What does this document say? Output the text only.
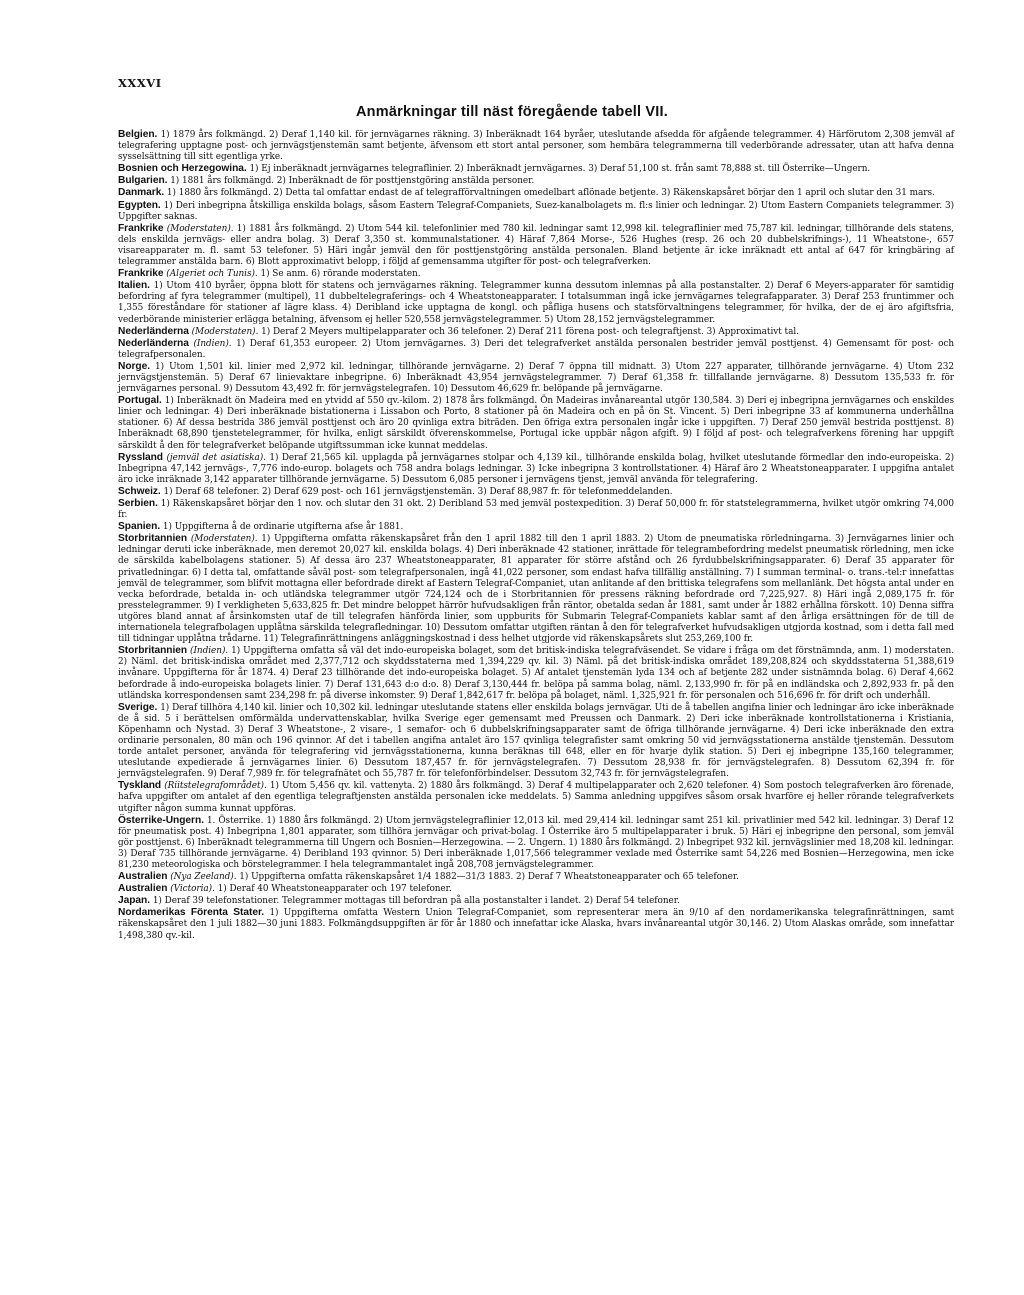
XXXVI
Anmärkningar till näst föregående tabell VII.

Belgien. 1) 1879 års folkmängd. 2) Deraf 1,140 kil. för jernvägarnes räkning. 3) Inberäknadt 164 byråer, uteslutande afsedda för afgående telegrammer. 4) Härförutom 2,308 jemväl af telegrafering upptagne post- och jernvägstjenstemän samt betjente, äfvensom ett stort antal personer, som hembära telegrammerna till vederbörande adressater, utan att hafva denna sysselsättning till sitt egentliga yrke.

Bosnien och Herzegowina. 1) Ej inberäknadt jernvägarnes telegraflinier. 2) Inberäknadt jernvägarnes. 3) Deraf 51,100 st. från samt 78,888 st. till Österrike—Ungern.

Bulgarien. 1) 1881 års folkmängd. 2) Inberäknadt de för posttjenstgöring anstälda personer.

Danmark. 1) 1880 års folkmängd. 2) Detta tal omfattar endast de af telegrafförvaltningen omedelbart aflönade betjente. 3) Räkenskapsåret börjar den 1 april och slutar den 31 mars.

Egypten. 1) Deri inbegripna åtskilliga enskilda bolags, såsom Eastern Telegraf-Companiets, Suez-kanalbolagets m. fl:s linier och ledningar. 2) Utom Eastern Companiets telegrammer. 3) Uppgifter saknas.

Frankrike (Moderstaten). 1) 1881 års folkmängd. 2) Utom 544 kil. telefonlinier med 780 kil. ledningar samt 12,998 kil. telegraflinier med 75,787 kil. ledningar, tillhörande dels statens, dels enskilda jernvägs- eller andra bolag. 3) Deraf 3,350 st. kommunalstationer. 4) Häraf 7,864 Morse-, 526 Hughes (resp. 26 och 20 dubbelskrifnings-), 11 Wheatstone-, 657 visareapparater m. fl. samt 53 telefoner. 5) Häri ingår jemväl den för posttjenstgöring anstälda personalen. Bland betjente är icke inräknadt ett antal af 647 för kringbäring af telegrammer anstälda barn. 6) Blott approximativt belopp, i följd af gemensamma utgifter för post- och telegrafverken.

Frankrike (Algeriet och Tunis). 1) Se anm. 6) rörande moderstaten.

Italien. 1) Utom 410 byråer, öppna blott för statens och jernvägarnes räkning. Telegrammer kunna dessutom inlemnas på alla postanstalter. 2) Deraf 6 Meyers-apparater för samtidig befordring af fyra telegrammer (multipel), 11 dubbeltelegraferings- och 4 Wheatstoneapparater. I totalsumman ingå icke jernvägarnes telegrafapparater. 3) Deraf 253 fruntimmer och 1,355 föreståndare för stationer af lägre klass. 4) Deribland icke upptagna de kongl. och påfliga husens och statsförvaltningens telegrammer, för hvilka, der de ej äro afgiftsfria, vederbörande ministerier erlägga betalning, äfvensom ej heller 520,558 jernvägstelegrammer. 5) Utom 28,152 jernvägstelegrammer.

Nederländerna (Moderstaten). 1) Deraf 2 Meyers multipelapparater och 36 telefoner. 2) Deraf 211 förena post- och telegraftjenst. 3) Approximativt tal.

Nederländerna (Indien). 1) Deraf 61,353 europeer. 2) Utom jernvägarnes. 3) Deri det telegrafverket anstälda personalen bestrider jemväl posttjenst. 4) Gemensamt för post- och telegrafpersonalen.

Norge. 1) Utom 1,501 kil. linier med 2,972 kil. ledningar, tillhörande jernvägarne. 2) Deraf 7 öppna till midnatt. 3) Utom 227 apparater, tillhörande jernvägarne. 4) Utom 232 jernvägstjenstemän. 5) Deraf 67 linievaktare inbegripne. 6) Inberäknadt 43,954 jernvägstelegrammer. 7) Deraf 61,358 fr. tillfallande jernvägarne. 8) Dessutom 135,533 fr. för jernvägarnes personal. 9) Dessutom 43,492 fr. för jernvägstelegrafen. 10) Dessutom 46,629 fr. belöpande på jernvägarne.

Portugal. 1) Inberäknadt ön Madeira med en ytvidd af 550 qv.-kilom. 2) 1878 års folkmängd. Ön Madeiras invånareantal utgör 130,584. 3) Deri ej inbegripna jernvägarnes och enskildes linier och ledningar. 4) Deri inberäknade bistationerna i Lissabon och Porto, 8 stationer på ön Madeira och en på ön St. Vincent. 5) Deri inbegripne 33 af kommunerna underhållna stationer. 6) Af dessa bestrida 386 jemväl posttjenst och äro 20 qvinliga extra biträden. Den öfriga extra personalen ingår icke i uppgiften. 7) Deraf 250 jemväl bestrida posttjenst. 8) Inberäknadt 68,890 tjenstetelegrammer, för hvilka, enligt särskildt öfverenskommelse, Portugal icke uppbär någon afgift. 9) I följd af post- och telegrafverkens förening har uppgift särskildt å den för telegrafverket belöpande utgiftssumman icke kunnat meddelas.

Ryssland (jemväl det asiatiska). 1) Deraf 21,565 kil. upplagda på jernvägarnes stolpar och 4,139 kil., tillhörande enskilda bolag, hvilket uteslutande förmedlar den indo-europeiska. 2) Inbegripna 47,142 jernvägs-, 7,776 indo-europ. bolagets och 758 andra bolags ledningar. 3) Icke inbegripna 3 kontrollstationer. 4) Häraf äro 2 Wheatstoneapparater. I uppgifna antalet äro icke inräknade 3,142 apparater tillhörande jernvägarne. 5) Dessutom 6,085 personer i jernvägens tjenst, jemväl använda för telegrafering.

Schweiz. 1) Deraf 68 telefoner. 2) Deraf 629 post- och 161 jernvägstjenstemän. 3) Deraf 88,987 fr. för telefonmeddelanden.

Serbien. 1) Räkenskapsåret börjar den 1 nov. och slutar den 31 okt. 2) Deribland 53 med jemväl postexpedition. 3) Deraf 50,000 fr. för statstelegrammerna, hvilket utgör omkring 74,000 fr.

Spanien. 1) Uppgifterna å de ordinarie utgifterna afse år 1881.

Storbritannien (Moderstaten). 1) Uppgifterna omfatta räkenskapsåret från den 1 april 1882 till den 1 april 1883. 2) Utom de pneumatiska rörledningarna. 3) Jernvägarnes linier och ledningar deruti icke inberäknade, men deremot 20,027 kil. enskilda bolags. 4) Deri inberäknade 42 stationer, inrättade för telegrambefordring medelst pneumatisk rörledning, men icke de särskilda kabelbolagens stationer. 5) Af dessa äro 237 Wheatstoneapparater, 81 apparater för större afstånd och 26 fyrdubbelskrifningsapparater. 6) Deraf 35 apparater för privatledningar. 6) I detta tal, omfattande såväl post- som telegrafpersonalen, ingå 41,022 personer, som endast hafva tillfällig anställning. 7) I summan terminal- o. trans.-tel:r innefattas jemväl de telegrammer, som blifvit mottagna eller befordrade direkt af Eastern Telegraf-Companiet, utan anlitande af den brittiska telegrafens som mellanlänk. Det högsta antal under en vecka befordrade, betalda in- och utländska telegrammer utgör 724,124 och de i Storbritannien för pressens räkning befordrade ord 7,225,927. 8) Häri ingå 2,089,175 fr. för presstelegrammer. 9) I verkligheten 5,633,825 fr. Det mindre beloppet härrör hufvudsakligen från räntor, obetalda sedan år 1881, samt under år 1882 erhållna förskott. 10) Denna siffra utgöres bland annat af årsinkomsten utaf de till telegrafen hänförda linier, som uppburits för Submarin Telegraf-Companiets kablar samt af den årliga ersättningen för de till de internationela telegrafbolagen upplåtna särskilda telegrafledningar. 10) Dessutom omfattar utgiften räntan å den för telegrafverket hufvudsakligen utgjorda kostnad, som i detta fall med till tidningar upplåtna trådarne. 11) Telegrafinrättningens anläggningskostnad i dess helhet utgjorde vid räkenskapsårets slut 253,269,100 fr.

Storbritannien (Indien). 1) Uppgifterna omfatta så väl det indo-europeiska bolaget, som det britisk-indiska telegrafväsendet. Se vidare i fråga om det förstnämnda, anm. 1) moderstaten. 2) Näml. det britisk-indiska området med 2,377,712 och skyddsstaterna med 1,394,229 qv. kil. 3) Näml. på det britisk-indiska området 189,208,824 och skyddsstaterna 51,388,619 invånare. Uppgifterna för år 1874. 4) Deraf 23 tillhörande det indo-europeiska bolaget. 5) Af antalet tjenstemän lyda 134 och af betjente 282 under sistnämnda bolag. 6) Deraf 4,662 befordrade å indo-europeiska bolagets linier. 7) Deraf 131,643 d:o d:o. 8) Deraf 3,130,444 fr. belöpa på samma bolag, näml. 2,133,990 fr. för på en indländska och 2,892,933 fr. på den utländska korrespondensen samt 234,298 fr. på diverse inkomster. 9) Deraf 1,842,617 fr. belöpa på bolaget, näml. 1,325,921 fr. för personalen och 516,696 fr. för drift och underhåll.

Sverige. 1) Deraf tillhöra 4,140 kil. linier och 10,302 kil. ledningar uteslutande statens eller enskilda bolags jernvägar. Uti de å tabellen angifna linier och ledningar äro icke inberäknade de å sid. 5 i berättelsen omförmälda undervattenskablar, hvilka Sverige eger gemensamt med Preussen och Danmark. 2) Deri icke inberäknade kontrollstationerna i Kristiania, Köpenhamn och Nystad. 3) Deraf 3 Wheatstone-, 2 visare-, 1 semafor- och 6 dubbelskrifningsapparater samt de öfriga tillhörande jernvägarne. 4) Deri icke inberäknade den extra ordinarie personalen, 80 män och 196 qvinnor. Af det i tabellen angifna antalet äro 157 qvinliga telegrafister samt omkring 50 vid jernvägsstationerna anstälde tjenstemän. Dessutom torde antalet personer, använda för telegrafering vid jernvägsstationerna, kunna beräknas till 648, eller en för hvarje dylik station. 5) Deri ej inbegripne 135,160 telegrammer, uteslutande expedierade å jernvägarnes linier. 6) Dessutom 187,457 fr. för jernvägstelegrafen. 7) Dessutom 28,938 fr. för jernvägstelegrafen. 8) Dessutom 62,394 fr. för jernvägstelegrafen. 9) Deraf 7,989 fr. för telegrafnätet och 55,787 fr. för telefonförbindelser. Dessutom 32,743 fr. för jernvägstelegrafen.

Tyskland (Riitstelegrafområdet). 1) Utom 5,456 qv. kil. vattenyta. 2) 1880 års folkmängd. 3) Deraf 4 multipelapparater och 2,620 telefoner. 4) Som postoch telegrafverken äro förenade, hafva uppgifter om antalet af den egentliga telegraftjensten anstälda personalen icke meddelats. 5) Samma anledning uppgifves såsom orsak hvarföre ej heller rörande telegrafverkets utgifter någon summa kunnat uppföras.

Österrike-Ungern. 1. Österrike. 1) 1880 års folkmängd. 2) Utom jernvägstelegraflinier 12,013 kil. med 29,414 kil. ledningar samt 251 kil. privatlinier med 542 kil. ledningar. 3) Deraf 12 för pneumatisk post. 4) Inbegripna 1,801 apparater, som tillhöra jernvägar och privat-bolag. I Österrike äro 5 multipelapparater i bruk. 5) Häri ej inbegripne den personal, som jemväl gör posttjenst. 6) Inberäknadt telegrammerna till Ungern och Bosnien—Herzegowina. — 2. Ungern. 1) 1880 års folkmängd. 2) Inbegripet 932 kil. jernvägslinier med 18,208 kil. ledningar. 3) Deraf 735 tillhörande jernvägarne. 4) Deribland 193 qvinnor. 5) Deri inberäknade 1,017,566 telegrammer vexlade med Österrike samt 54,226 med Bosnien—Herzegowina, men icke 81,230 meteorologiska och börstelegrammer. I hela telegrammantalet ingå 208,708 jernvägstelegrammer.

Australien (Nya Zeeland). 1) Uppgifterna omfatta räkenskapsåret 1/4 1882—31/3 1883. 2) Deraf 7 Wheatstoneapparater och 65 telefoner.

Australien (Victoria). 1) Deraf 40 Wheatstoneapparater och 197 telefoner.

Japan. 1) Deraf 39 telefonstationer. Telegrammer mottagas till befordran på alla postanstalter i landet. 2) Deraf 54 telefoner.

Nordamerikas Förenta Stater. 1) Uppgifterna omfatta Western Union Telegraf-Companiet, som representerar mera än 9/10 af den nordamerikanska telegrafinrättningen, samt räkenskapsåret den 1 juli 1882—30 juni 1883. Folkmängdsuppgiften är för år 1880 och innefattar icke Alaska, hvars invånareantal utgör 30,146. 2) Utom Alaskas område, som innefattar 1,498,380 qv.-kil.
